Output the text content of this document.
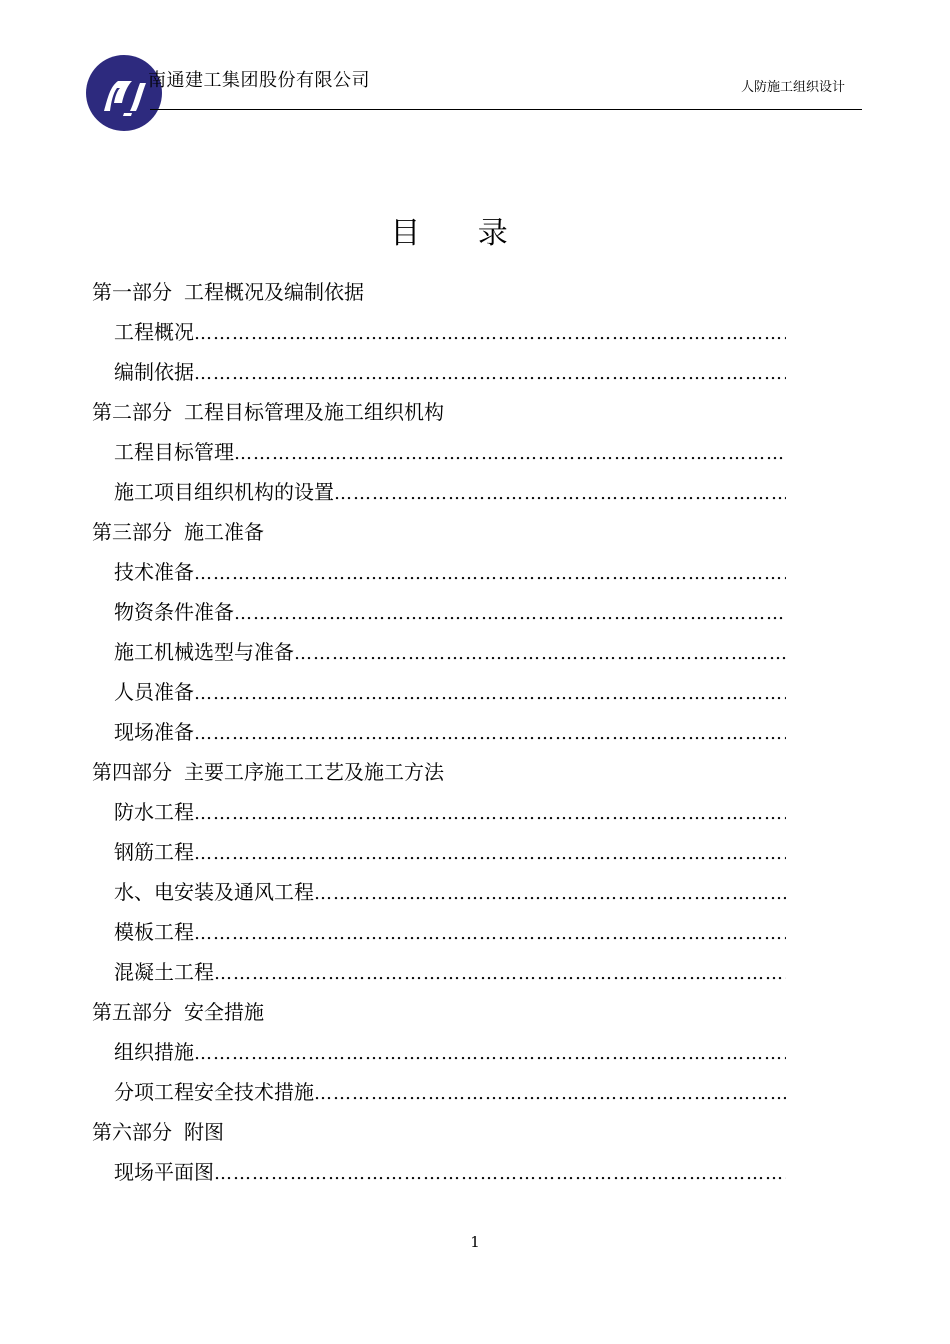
南通建工集团股份有限公司	人防施工组织设计
目 录
第一部分 工程概况及编制依据
工程概况
……………………………………………………………………………………………………………………………………………………………………………………………………………………
编制依据
……………………………………………………………………………………………………………………………………………………………………………………………………………………
第二部分 工程目标管理及施工组织机构
工程目标管理
……………………………………………………………………………………………………………………………………………………………………………………………………………………
施工项目组织机构的设置
……………………………………………………………………………………………………………………………………………………………………………………………………………………
第三部分 施工准备
技术准备
……………………………………………………………………………………………………………………………………………………………………………………………………………………
物资条件准备
……………………………………………………………………………………………………………………………………………………………………………………………………………………
施工机械选型与准备
……………………………………………………………………………………………………………………………………………………………………………………………………………………
人员准备
……………………………………………………………………………………………………………………………………………………………………………………………………………………
现场准备
……………………………………………………………………………………………………………………………………………………………………………………………………………………
第四部分 主要工序施工工艺及施工方法
防水工程
……………………………………………………………………………………………………………………………………………………………………………………………………………………
钢筋工程
……………………………………………………………………………………………………………………………………………………………………………………………………………………
水、电安装及通风工程
……………………………………………………………………………………………………………………………………………………………………………………………………………………
模板工程
……………………………………………………………………………………………………………………………………………………………………………………………………………………
混凝土工程
……………………………………………………………………………………………………………………………………………………………………………………………………………………
第五部分 安全措施
组织措施
……………………………………………………………………………………………………………………………………………………………………………………………………………………
分项工程安全技术措施
……………………………………………………………………………………………………………………………………………………………………………………………………………………
第六部分 附图
现场平面图
……………………………………………………………………………………………………………………………………………………………………………………………………………………
1
